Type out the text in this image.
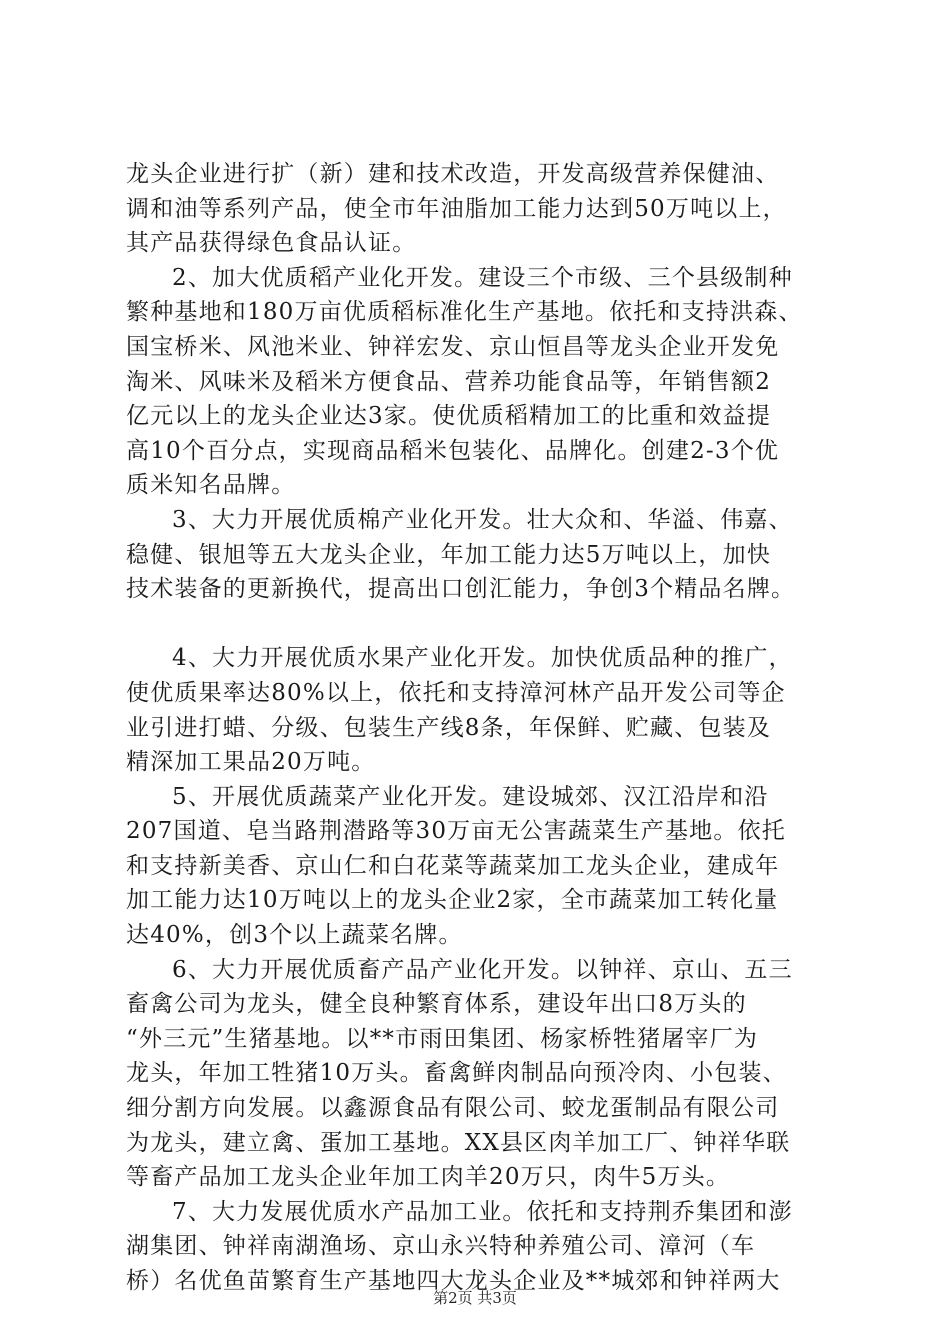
龙头企业进行扩（新）建和技术改造，开发高级营养保健油、
调和油等系列产品，使全市年油脂加工能力达到50万吨以上，
其产品获得绿色食品认证。
2、加大优质稻产业化开发。建设三个市级、三个县级制种
繁种基地和180万亩优质稻标准化生产基地。依托和支持洪森、
国宝桥米、风池米业、钟祥宏发、京山恒昌等龙头企业开发免
淘米、风味米及稻米方便食品、营养功能食品等，年销售额2
亿元以上的龙头企业达3家。使优质稻精加工的比重和效益提
高10个百分点，实现商品稻米包装化、品牌化。创建2-3个优
质米知名品牌。
3、大力开展优质棉产业化开发。壮大众和、华溢、伟嘉、
稳健、银旭等五大龙头企业，年加工能力达5万吨以上，加快
技术装备的更新换代，提高出口创汇能力，争创3个精品名牌。
4、大力开展优质水果产业化开发。加快优质品种的推广，
使优质果率达80%以上，依托和支持漳河林产品开发公司等企
业引进打蜡、分级、包装生产线8条，年保鲜、贮藏、包装及
精深加工果品20万吨。
5、开展优质蔬菜产业化开发。建设城郊、汉江沿岸和沿
207国道、皂当路荆潜路等30万亩无公害蔬菜生产基地。依托
和支持新美香、京山仁和白花菜等蔬菜加工龙头企业，建成年
加工能力达10万吨以上的龙头企业2家，全市蔬菜加工转化量
达40%，创3个以上蔬菜名牌。
6、大力开展优质畜产品产业化开发。以钟祥、京山、五三
畜禽公司为龙头，健全良种繁育体系，建设年出口8万头的
“外三元”生猪基地。以**市雨田集团、杨家桥牲猪屠宰厂为
龙头，年加工牲猪10万头。畜禽鲜肉制品向预冷肉、小包装、
细分割方向发展。以鑫源食品有限公司、蛟龙蛋制品有限公司
为龙头，建立禽、蛋加工基地。XX县区肉羊加工厂、钟祥华联
等畜产品加工龙头企业年加工肉羊20万只，肉牛5万头。
7、大力发展优质水产品加工业。依托和支持荆乔集团和澎
湖集团、钟祥南湖渔场、京山永兴特种养殖公司、漳河（车
桥）名优鱼苗繁育生产基地四大龙头企业及**城郊和钟祥两大
第2页 共3页
